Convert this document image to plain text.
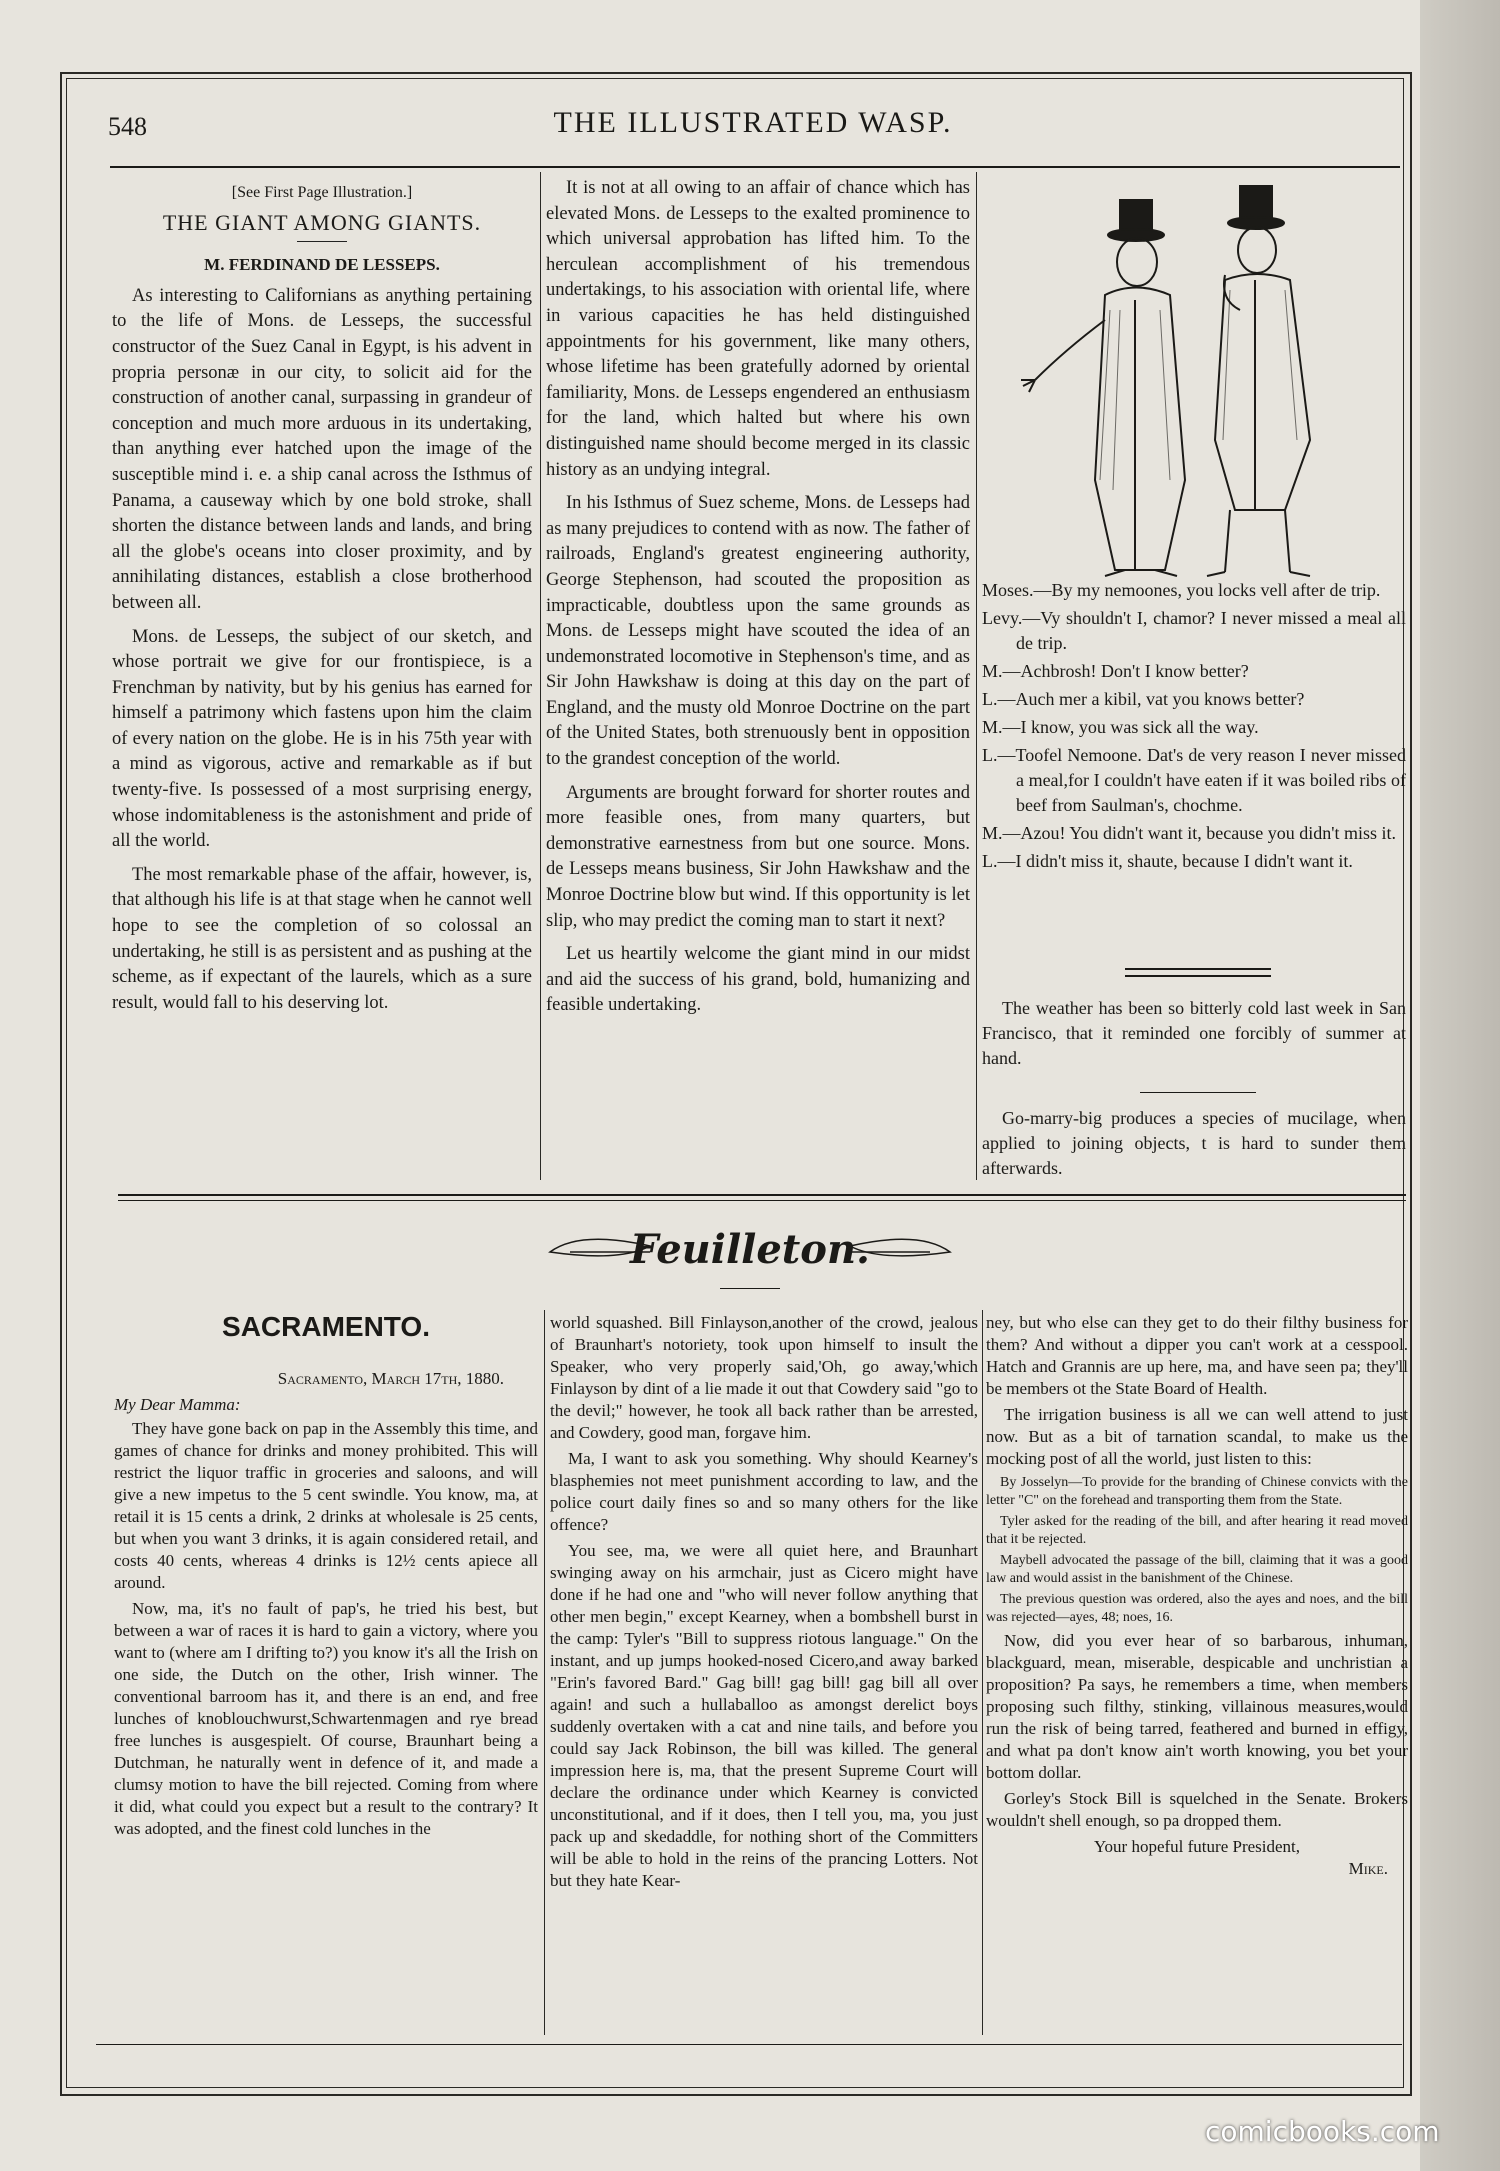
548	THE ILLUSTRATED WASP.
[See First Page Illustration.]
THE GIANT AMONG GIANTS.
M. FERDINAND DE LESSEPS.

As interesting to Californians as anything pertaining to the life of Mons. de Lesseps, the successful constructor of the Suez Canal in Egypt, is his advent in propria personæ in our city, to solicit aid for the construction of another canal, surpassing in grandeur of conception and much more arduous in its undertaking, than anything ever hatched upon the image of the susceptible mind i. e. a ship canal across the Isthmus of Panama, a causeway which by one bold stroke, shall shorten the distance between lands and lands, and bring all the globe's oceans into closer proximity, and by annihilating distances, establish a close brotherhood between all.

Mons. de Lesseps, the subject of our sketch, and whose portrait we give for our frontispiece, is a Frenchman by nativity, but by his genius has earned for himself a patrimony which fastens upon him the claim of every nation on the globe. He is in his 75th year with a mind as vigorous, active and remarkable as if but twenty-five. Is possessed of a most surprising energy, whose indomitableness is the astonishment and pride of all the world.

The most remarkable phase of the affair, however, is, that although his life is at that stage when he cannot well hope to see the completion of so colossal an undertaking, he still is as persistent and as pushing at the scheme, as if expectant of the laurels, which as a sure result, would fall to his deserving lot.

It is not at all owing to an affair of chance which has elevated Mons. de Lesseps to the exalted prominence to which universal approbation has lifted him. To the herculean accomplishment of his tremendous undertakings, to his association with oriental life, where in various capacities he has held distinguished appointments for his government, like many others, whose lifetime has been gratefully adorned by oriental familiarity, Mons. de Lesseps engendered an enthusiasm for the land, which halted but where his own distinguished name should become merged in its classic history as an undying integral.

In his Isthmus of Suez scheme, Mons. de Lesseps had as many prejudices to contend with as now. The father of railroads, England's greatest engineering authority, George Stephenson, had scouted the proposition as impracticable, doubtless upon the same grounds as Mons. de Lesseps might have scouted the idea of an undemonstrated locomotive in Stephenson's time, and as Sir John Hawkshaw is doing at this day on the part of England, and the musty old Monroe Doctrine on the part of the United States, both strenuously bent in opposition to the grandest conception of the world.

Arguments are brought forward for shorter routes and more feasible ones, from many quarters, but demonstrative earnestness from but one source. Mons. de Lesseps means business, Sir John Hawkshaw and the Monroe Doctrine blow but wind. If this opportunity is let slip, who may predict the coming man to start it next?

Let us heartily welcome the giant mind in our midst and aid the success of his grand, bold, humanizing and feasible undertaking.

Moses.—By my nemoones, you locks vell after de trip.

Levy.—Vy shouldn't I, chamor? I never missed a meal all de trip.

M.—Achbrosh! Don't I know better?

L.—Auch mer a kibil, vat you knows better?

M.—I know, you was sick all the way.

L.—Toofel Nemoone. Dat's de very reason I never missed a meal,for I couldn't have eaten if it was boiled ribs of beef from Saulman's, chochme.

M.—Azou! You didn't want it, because you didn't miss it.

L.—I didn't miss it, shaute, because I didn't want it.

The weather has been so bitterly cold last week in San Francisco, that it reminded one forcibly of summer at hand.

Go-marry-big produces a species of mucilage, when applied to joining objects, t is hard to sunder them afterwards.

Feuilleton.
SACRAMENTO.
Sacramento, March 17th, 1880.
My Dear Mamma:

They have gone back on pap in the Assembly this time, and games of chance for drinks and money prohibited. This will restrict the liquor traffic in groceries and saloons, and will give a new impetus to the 5 cent swindle. You know, ma, at retail it is 15 cents a drink, 2 drinks at wholesale is 25 cents, but when you want 3 drinks, it is again considered retail, and costs 40 cents, whereas 4 drinks is 12½ cents apiece all around.

Now, ma, it's no fault of pap's, he tried his best, but between a war of races it is hard to gain a victory, where you want to (where am I drifting to?) you know it's all the Irish on one side, the Dutch on the other, Irish winner. The conventional barroom has it, and there is an end, and free lunches of knoblouchwurst,Schwartenmagen and rye bread free lunches is ausgespielt. Of course, Braunhart being a Dutchman, he naturally went in defence of it, and made a clumsy motion to have the bill rejected. Coming from where it did, what could you expect but a result to the contrary? It was adopted, and the finest cold lunches in the

world squashed. Bill Finlayson,another of the crowd, jealous of Braunhart's notoriety, took upon himself to insult the Speaker, who very properly said,'Oh, go away,'which Finlayson by dint of a lie made it out that Cowdery said "go to the devil;" however, he took all back rather than be arrested, and Cowdery, good man, forgave him.

Ma, I want to ask you something. Why should Kearney's blasphemies not meet punishment according to law, and the police court daily fines so and so many others for the like offence?

You see, ma, we were all quiet here, and Braunhart swinging away on his armchair, just as Cicero might have done if he had one and "who will never follow anything that other men begin," except Kearney, when a bombshell burst in the camp: Tyler's "Bill to suppress riotous language." On the instant, and up jumps hooked-nosed Cicero,and away barked "Erin's favored Bard." Gag bill! gag bill! gag bill all over again! and such a hullaballoo as amongst derelict boys suddenly overtaken with a cat and nine tails, and before you could say Jack Robinson, the bill was killed. The general impression here is, ma, that the present Supreme Court will declare the ordinance under which Kearney is convicted unconstitutional, and if it does, then I tell you, ma, you just pack up and skedaddle, for nothing short of the Committers will be able to hold in the reins of the prancing Lotters. Not but they hate Kear-

ney, but who else can they get to do their filthy business for them? And without a dipper you can't work at a cesspool. Hatch and Grannis are up here, ma, and have seen pa; they'll be members ot the State Board of Health.

The irrigation business is all we can well attend to just now. But as a bit of tarnation scandal, to make us the mocking post of all the world, just listen to this:

By Josselyn—To provide for the branding of Chinese convicts with the letter "C" on the forehead and transporting them from the State.

Tyler asked for the reading of the bill, and after hearing it read moved that it be rejected.

Maybell advocated the passage of the bill, claiming that it was a good law and would assist in the banishment of the Chinese.

The previous question was ordered, also the ayes and noes, and the bill was rejected—ayes, 48; noes, 16.

Now, did you ever hear of so barbarous, inhuman, blackguard, mean, miserable, despicable and unchristian a proposition? Pa says, he remembers a time, when members proposing such filthy, stinking, villainous measures,would run the risk of being tarred, feathered and burned in effigy, and what pa don't know ain't worth knowing, you bet your bottom dollar.

Gorley's Stock Bill is squelched in the Senate. Brokers wouldn't shell enough, so pa dropped them.

Your hopeful future President,
Mike.
comicbooks.com
